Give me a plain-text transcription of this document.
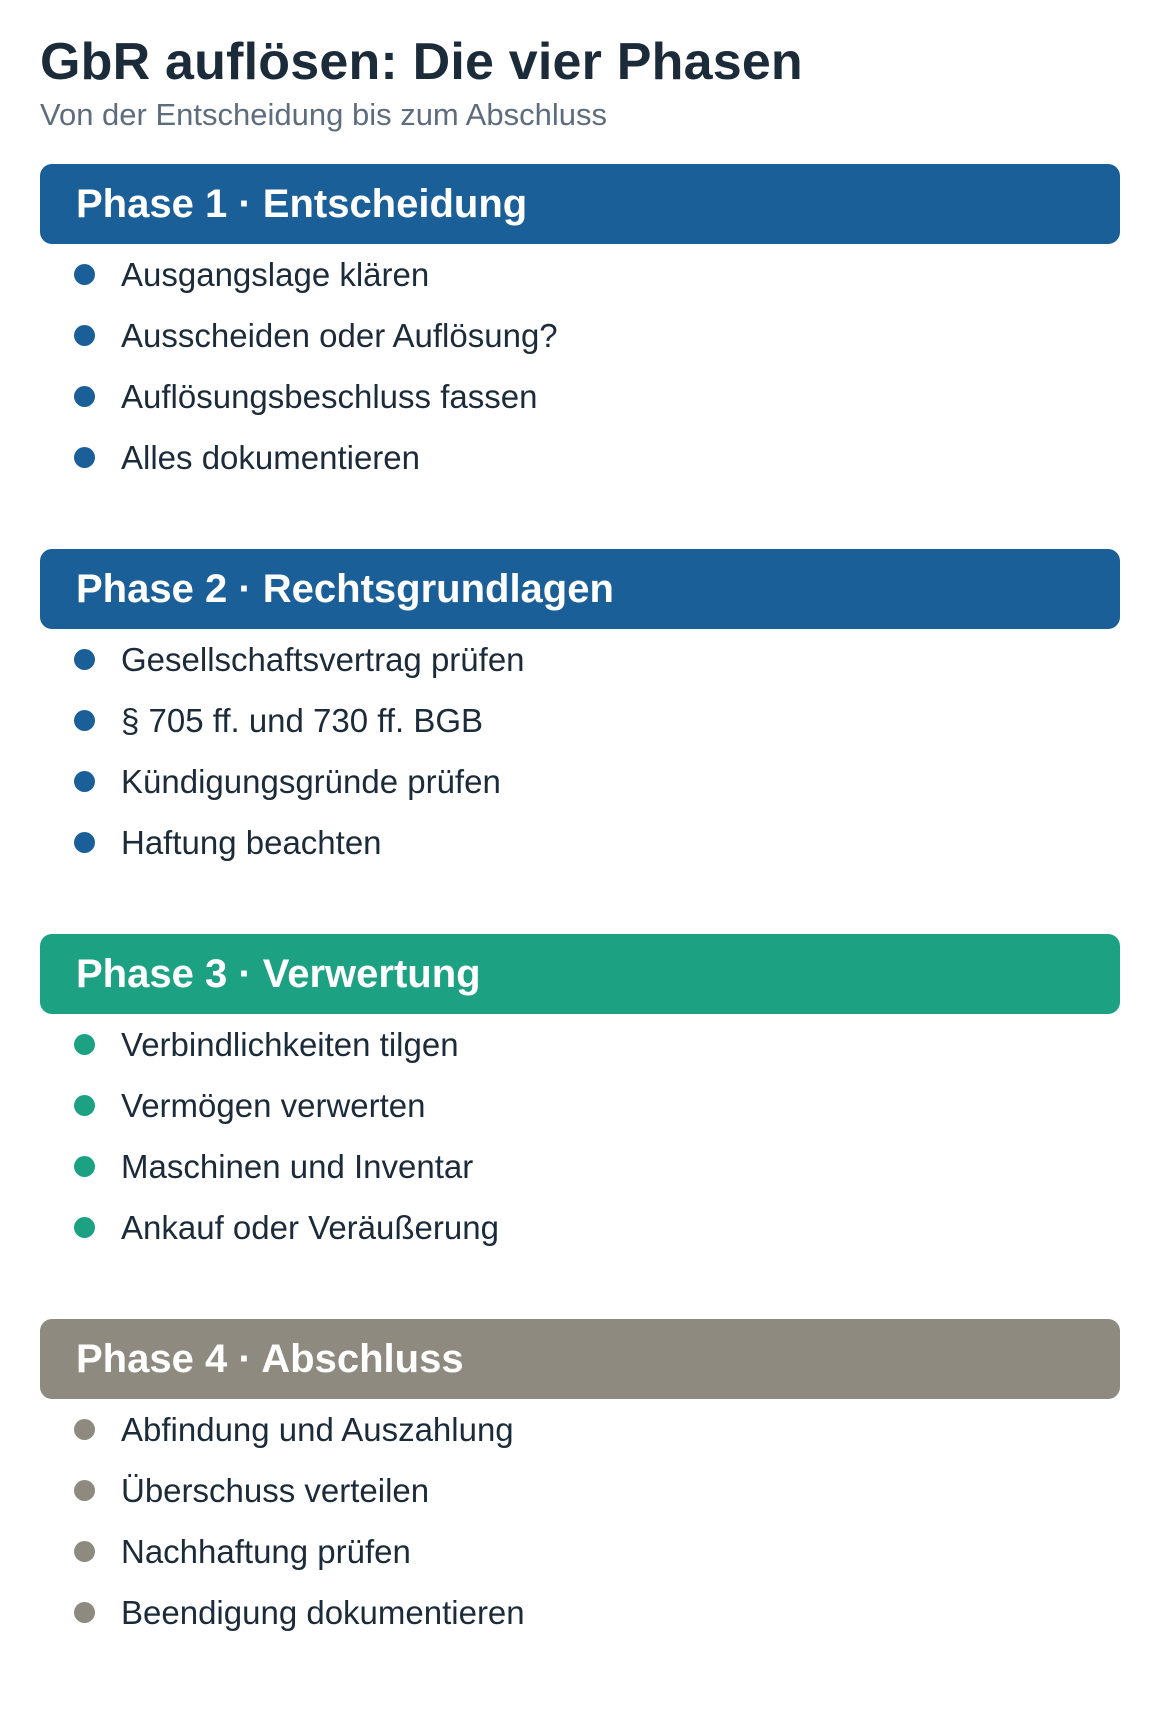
GbR auflösen: Die vier Phasen

Von der Entscheidung bis zum Abschluss

Phase 1 · Entscheidung
Ausgangslage klären
Ausscheiden oder Auflösung?
Auflösungsbeschluss fassen
Alles dokumentieren
Phase 2 · Rechtsgrundlagen
Gesellschaftsvertrag prüfen
§ 705 ff. und 730 ff. BGB
Kündigungsgründe prüfen
Haftung beachten
Phase 3 · Verwertung
Verbindlichkeiten tilgen
Vermögen verwerten
Maschinen und Inventar
Ankauf oder Veräußerung
Phase 4 · Abschluss
Abfindung und Auszahlung
Überschuss verteilen
Nachhaftung prüfen
Beendigung dokumentieren
